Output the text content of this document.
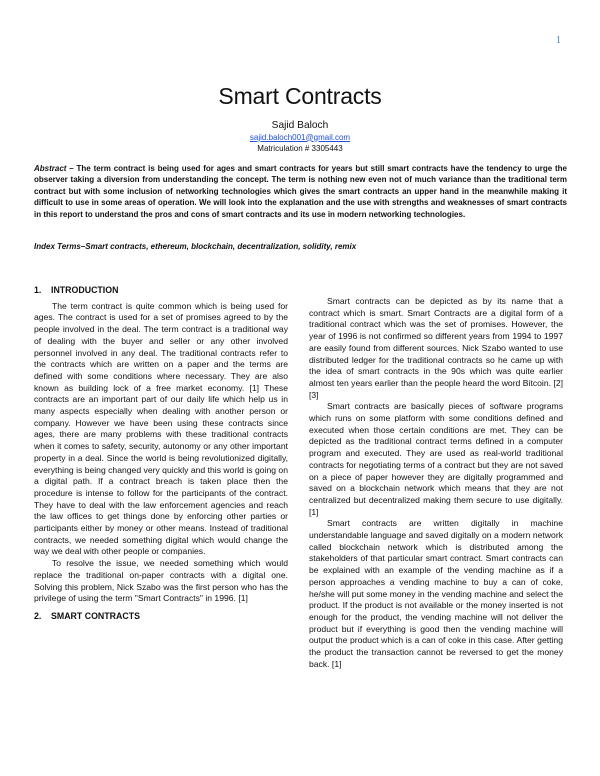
1
Smart Contracts
Sajid Baloch
sajid.baloch001@gmail.com
Matriculation # 3305443

Abstract – The term contract is being used for ages and smart contracts for years but still smart contracts have the tendency to urge the observer taking a diversion from understanding the concept. The term is nothing new even not of much variance than the traditional term contract but with some inclusion of networking technologies which gives the smart contracts an upper hand in the meanwhile making it difficult to use in some areas of operation. We will look into the explanation and the use with strengths and weaknesses of smart contracts in this report to understand the pros and cons of smart contracts and its use in modern networking technologies.

Index Terms–Smart contracts, ethereum, blockchain, decentralization, solidity, remix

1. INTRODUCTION

The term contract is quite common which is being used for ages. The contract is used for a set of promises agreed to by the people involved in the deal. The term contract is a traditional way of dealing with the buyer and seller or any other involved personnel involved in any deal. The traditional contracts refer to the contracts which are written on a paper and the terms are defined with some conditions where necessary. They are also known as building lock of a free market economy. [1] These contracts are an important part of our daily life which help us in many aspects especially when dealing with another person or company. However we have been using these contracts since ages, there are many problems with these traditional contracts when it comes to safety, security, autonomy or any other important property in a deal. Since the world is being revolutionized digitally, everything is being changed very quickly and this world is going on a digital path. If a contract breach is taken place then the procedure is intense to follow for the participants of the contract. They have to deal with the law enforcement agencies and reach the law offices to get things done by enforcing other parties or participants either by money or other means. Instead of traditional contracts, we needed something digital which would change the way we deal with other people or companies.

To resolve the issue, we needed something which would replace the traditional on-paper contracts with a digital one. Solving this problem, Nick Szabo was the first person who has the privilege of using the term "Smart Contracts" in 1996. [1]

2. SMART CONTRACTS

Smart contracts can be depicted as by its name that a contract which is smart. Smart Contracts are a digital form of a traditional contract which was the set of promises. However, the year of 1996 is not confirmed so different years from 1994 to 1997 are easily found from different sources. Nick Szabo wanted to use distributed ledger for the traditional contracts so he came up with the idea of smart contracts in the 90s which was quite earlier almost ten years earlier than the people heard the word Bitcoin. [2] [3]

Smart contracts are basically pieces of software programs which runs on some platform with some conditions defined and executed when those certain conditions are met. They can be depicted as the traditional contract terms defined in a computer program and executed. They are used as real-world traditional contracts for negotiating terms of a contract but they are not saved on a piece of paper however they are digitally programmed and saved on a blockchain network which means that they are not centralized but decentralized making them secure to use digitally. [1]

Smart contracts are written digitally in machine understandable language and saved digitally on a modern network called blockchain network which is distributed among the stakeholders of that particular smart contract. Smart contracts can be explained with an example of the vending machine as if a person approaches a vending machine to buy a can of coke, he/she will put some money in the vending machine and select the product. If the product is not available or the money inserted is not enough for the product, the vending machine will not deliver the product but if everything is good then the vending machine will output the product which is a can of coke in this case. After getting the product the transaction cannot be reversed to get the money back. [1]
